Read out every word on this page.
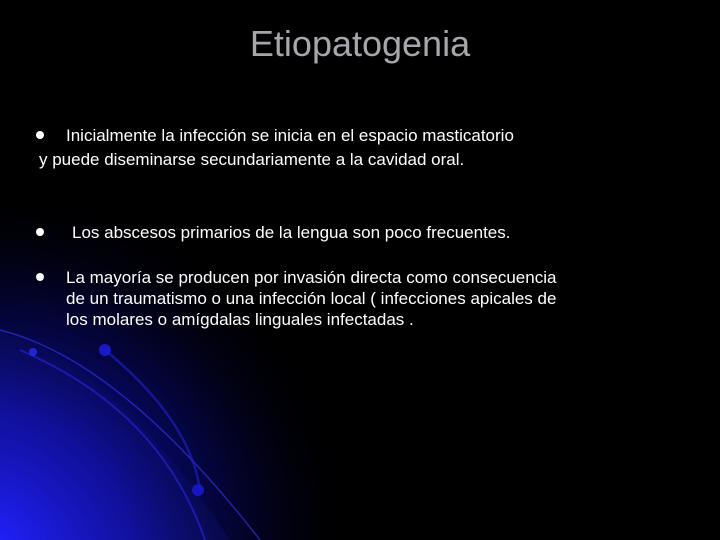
Etiopatogenia
Inicialmente la infección se inicia en el espacio masticatorio
y puede diseminarse secundariamente a la cavidad oral.
Los abscesos primarios de la lengua son poco frecuentes.
La mayoría se producen por invasión directa como consecuencia
de un traumatismo o una infección local ( infecciones apicales de
los molares o amígdalas linguales infectadas .
